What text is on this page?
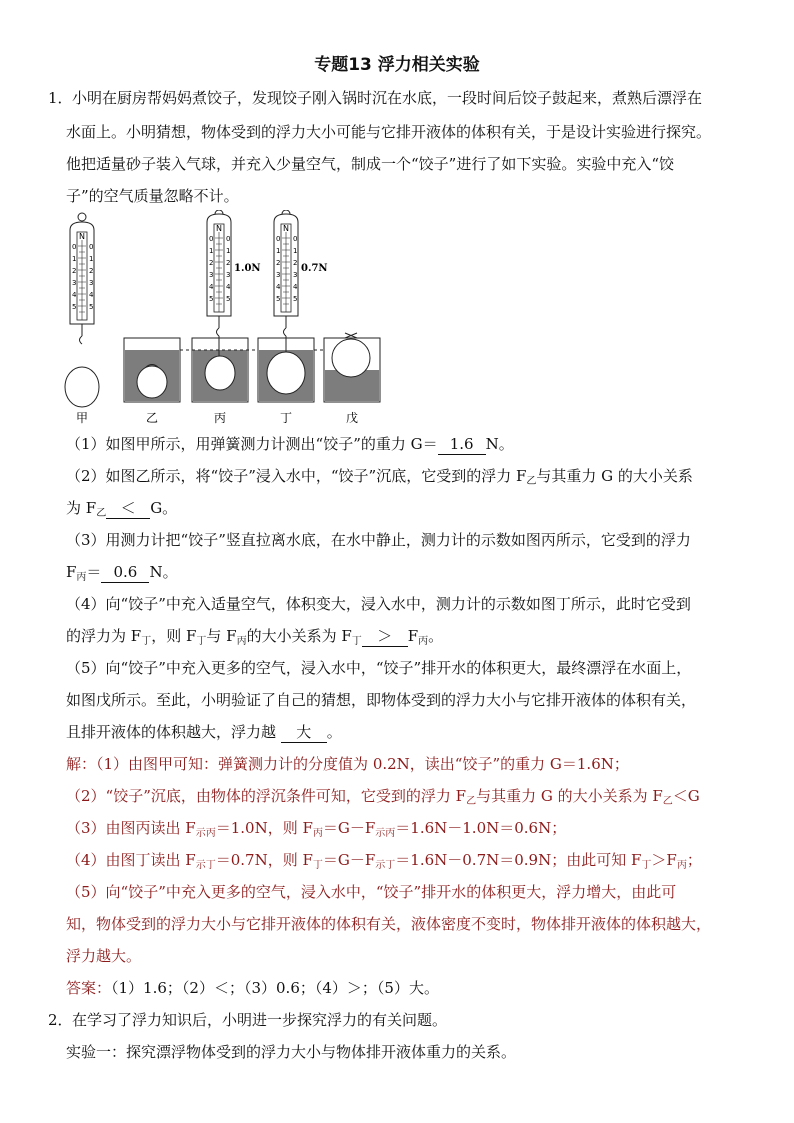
专题13 浮力相关实验
1． 小明在厨房帮妈妈煮饺子，发现饺子刚入锅时沉在水底，一段时间后饺子鼓起来，煮熟后漂浮在
水面上。小明猜想，物体受到的浮力大小可能与它排开液体的体积有关，于是设计实验进行探究。
他把适量砂子装入气球，并充入少量空气，制成一个“饺子”进行了如下实验。实验中充入“饺
子”的空气质量忽略不计。
1.0N	0.7N
甲	乙	丙	丁	戊
（1）如图甲所示，用弹簧测力计测出“饺子”的重力 G＝ 1.6 N。
（2）如图乙所示，将“饺子”浸入水中，“饺子”沉底，它受到的浮力 $F_乙$与其重力 G 的大小关系
为 $F_乙 < G$。
（3）用测力计把“饺子”竖直拉离水底，在水中静止，测力计的示数如图丙所示，它受到的浮力
$F_丙= 0.6$ N。
（4）向“饺子”中充入适量空气，体积变大，浸入水中，测力计的示数如图丁所示，此时它受到
的浮力为 $F_丁$，则 $F_丁$与 $F_丙$的大小关系为 $F_丁 > F_丙$。
（5）向“饺子”中充入更多的空气，浸入水中，“饺子”排开水的体积更大，最终漂浮在水面上，
如图戊所示。至此，小明验证了自己的猜想，即物体受到的浮力大小与它排开液体的体积有关，
且排开液体的体积越大，浮力越 大 。
解：（1）由图甲可知：弹簧测力计的分度值为 0.2N，读出“饺子”的重力 G＝1.6N；
（2）“饺子”沉底，由物体的浮沉条件可知，它受到的浮力 $F_乙$与其重力 G 的大小关系为 $F_乙<G$
（3）由图丙读出 $F_{示丙}=1.0N$，则 $F_丙=G-F_{示丙}=1.6N-1.0N=0.6N$；
（4）由图丁读出 $F_{示丁}=0.7N$，则 $F_丁=G-F_{示丁}=1.6N-0.7N=0.9N$；由此可知 $F_丁>F_丙$；
（5）向“饺子”中充入更多的空气，浸入水中，“饺子”排开水的体积更大，浮力增大，由此可
知，物体受到的浮力大小与它排开液体的体积有关，液体密度不变时，物体排开液体的体积越大，
浮力越大。
答案：（1）1.6；（2）＜；（3）0.6；（4）＞；（5）大。
2． 在学习了浮力知识后，小明进一步探究浮力的有关问题。
实验一：探究漂浮物体受到的浮力大小与物体排开液体重力的关系。
